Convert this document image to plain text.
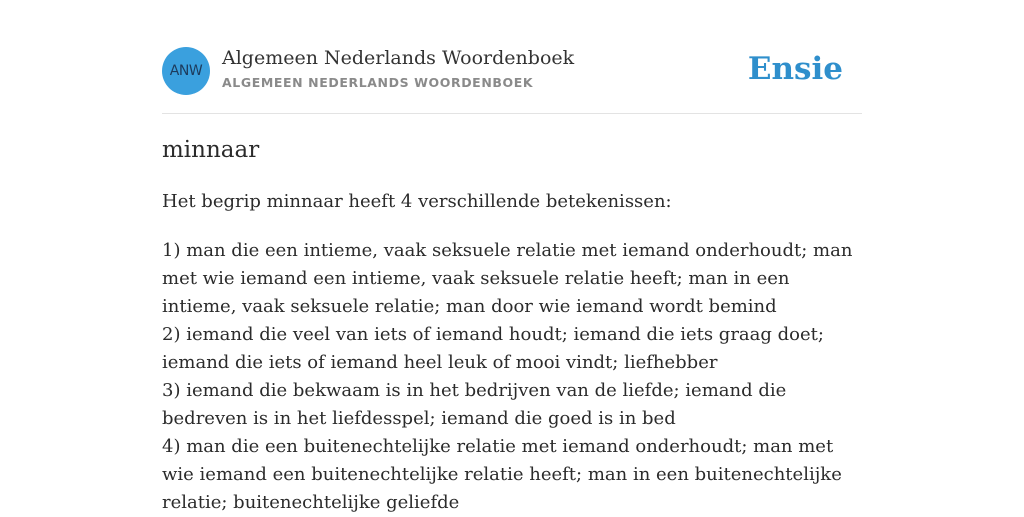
ANW
Algemeen Nederlands Woordenboek
ALGEMEEN NEDERLANDS WOORDENBOEK	Ensie
minnaar

Het begrip minnaar heeft 4 verschillende betekenissen:

1) man die een intieme, vaak seksuele relatie met iemand onderhoudt; man met wie iemand een intieme, vaak seksuele relatie heeft; man in een intieme, vaak seksuele relatie; man door wie iemand wordt bemind
2) iemand die veel van iets of iemand houdt; iemand die iets graag doet; iemand die iets of iemand heel leuk of mooi vindt; liefhebber
3) iemand die bekwaam is in het bedrijven van de liefde; iemand die bedreven is in het liefdesspel; iemand die goed is in bed
4) man die een buitenechtelijke relatie met iemand onderhoudt; man met wie iemand een buitenechtelijke relatie heeft; man in een buitenechtelijke relatie; buitenechtelijke geliefde
